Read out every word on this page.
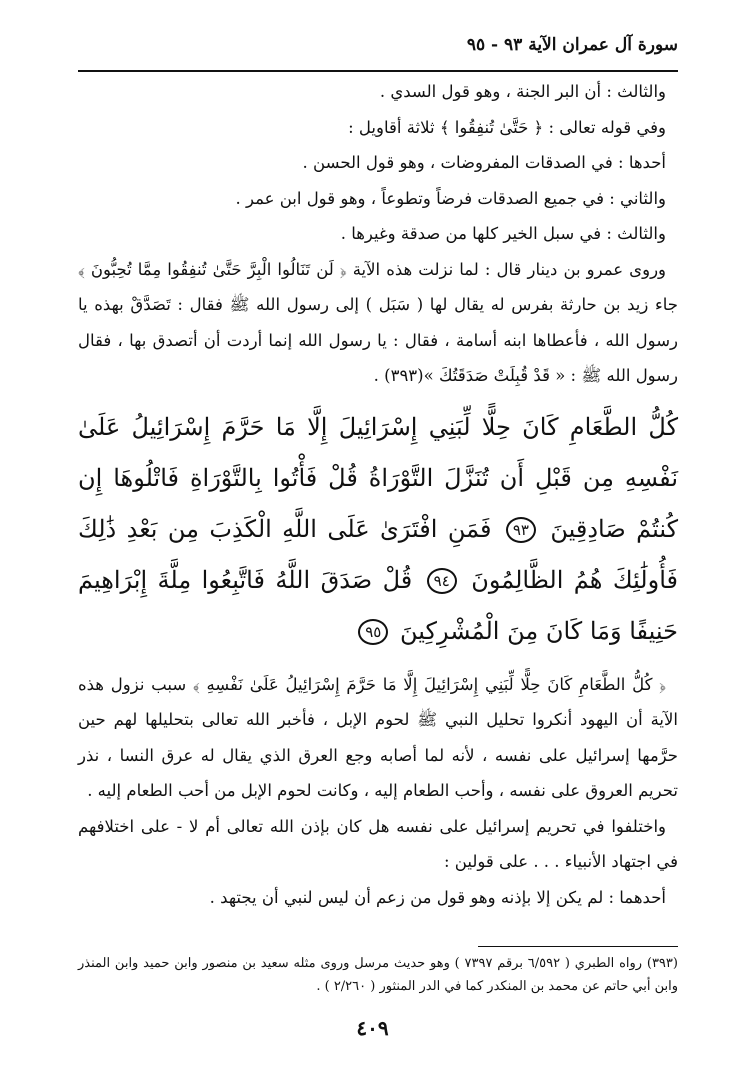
سورة آل عمران الآية ٩٣ - ٩٥

والثالث : أن البر الجنة ، وهو قول السدي .

وفي قوله تعالى : ﴿ حَتَّىٰ تُنفِقُوا ﴾ ثلاثة أقاويل :

أحدها : في الصدقات المفروضات ، وهو قول الحسن .

والثاني : في جميع الصدقات فرضاً وتطوعاً ، وهو قول ابن عمر .

والثالث : في سبل الخير كلها من صدقة وغيرها .

وروى عمرو بن دينار قال : لما نزلت هذه الآية ﴿ لَن تَنَالُوا الْبِرَّ حَتَّىٰ تُنفِقُوا مِمَّا تُحِبُّونَ ﴾ جاء زيد بن حارثة بفرس له يقال لها ( سَبَل ) إلى رسول الله ﷺ فقال : تَصَدَّقْ بهذه يا رسول الله ، فأعطاها ابنه أسامة ، فقال : يا رسول الله إنما أردت أن أتصدق بها ، فقال رسول الله ﷺ : « قَدْ قُبِلَتْ صَدَقَتُكَ »(٣٩٣) .

كُلُّ الطَّعَامِ كَانَ حِلًّا لِّبَنِي إِسْرَائِيلَ إِلَّا مَا حَرَّمَ إِسْرَائِيلُ عَلَىٰ نَفْسِهِ مِن قَبْلِ أَن تُنَزَّلَ التَّوْرَاةُ قُلْ فَأْتُوا بِالتَّوْرَاةِ فَاتْلُوهَا إِن كُنتُمْ صَادِقِينَ ٩٣ فَمَنِ افْتَرَىٰ عَلَى اللَّهِ الْكَذِبَ مِن بَعْدِ ذَٰلِكَ فَأُولَٰئِكَ هُمُ الظَّالِمُونَ ٩٤ قُلْ صَدَقَ اللَّهُ فَاتَّبِعُوا مِلَّةَ إِبْرَاهِيمَ حَنِيفًا وَمَا كَانَ مِنَ الْمُشْرِكِينَ ٩٥

﴿ كُلُّ الطَّعَامِ كَانَ حِلًّا لِّبَنِي إِسْرَائِيلَ إِلَّا مَا حَرَّمَ إِسْرَائِيلُ عَلَىٰ نَفْسِهِ ﴾ سبب نزول هذه الآية أن اليهود أنكروا تحليل النبي ﷺ لحوم الإبل ، فأخبر الله تعالى بتحليلها لهم حين حرَّمها إسرائيل على نفسه ، لأنه لما أصابه وجع العرق الذي يقال له عرق النسا ، نذر تحريم العروق على نفسه ، وأحب الطعام إليه ، وكانت لحوم الإبل من أحب الطعام إليه .

واختلفوا في تحريم إسرائيل على نفسه هل كان بإذن الله تعالى أم لا - على اختلافهم في اجتهاد الأنبياء . . . على قولين :

أحدهما : لم يكن إلا بإذنه وهو قول من زعم أن ليس لنبي أن يجتهد .

(٣٩٣) رواه الطبري ( ٦/٥٩٢ برقم ٧٣٩٧ ) وهو حديث مرسل وروى مثله سعيد بن منصور وابن حميد وابن المنذر وابن أبي حاتم عن محمد بن المنكدر كما في الدر المنثور ( ٢/٢٦٠ ) .
٤٠٩
